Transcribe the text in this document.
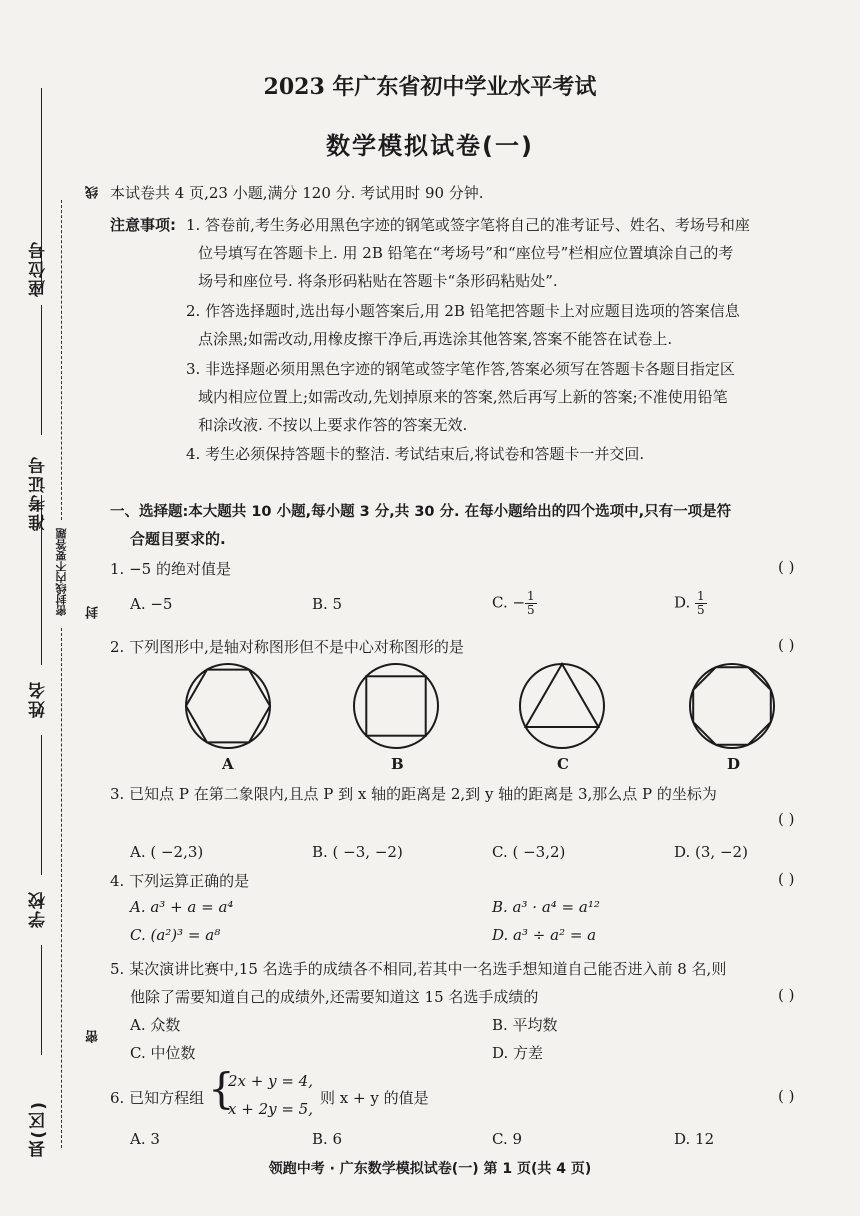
座位号
准考证号
姓名
学校
县(区)
密封线内不要答题
线
封
密
2023 年广东省初中学业水平考试
数学模拟试卷(一)
本试卷共 4 页,23 小题,满分 120 分. 考试用时 90 分钟.
注意事项: 1. 答卷前,考生务必用黑色字迹的钢笔或签字笔将自己的准考证号、姓名、考场号和座
位号填写在答题卡上. 用 2B 铅笔在“考场号”和“座位号”栏相应位置填涂自己的考
场号和座位号. 将条形码粘贴在答题卡“条形码粘贴处”.
2. 作答选择题时,选出每小题答案后,用 2B 铅笔把答题卡上对应题目选项的答案信息
点涂黑;如需改动,用橡皮擦干净后,再选涂其他答案,答案不能答在试卷上.
3. 非选择题必须用黑色字迹的钢笔或签字笔作答,答案必须写在答题卡各题目指定区
域内相应位置上;如需改动,先划掉原来的答案,然后再写上新的答案;不准使用铅笔
和涂改液. 不按以上要求作答的答案无效.
4. 考生必须保持答题卡的整洁. 考试结束后,将试卷和答题卡一并交回.
一、选择题:本大题共 10 小题,每小题 3 分,共 30 分. 在每小题给出的四个选项中,只有一项是符
合题目要求的.
1. −5 的绝对值是	( )
A. −5	B. 5	C. − $\frac{1}{5}$	D. $\frac{1}{5}$
2. 下列图形中,是轴对称图形但不是中心对称图形的是	( )
A	B	C	D
3. 已知点 P 在第二象限内,且点 P 到 x 轴的距离是 2,到 y 轴的距离是 3,那么点 P 的坐标为
( )
A. ( −2,3)	B. ( −3, −2)	C. ( −3,2)	D. (3, −2)
4. 下列运算正确的是	( )
A. a³ + a = a⁴	B. a³ · a⁴ = a¹²
C. (a²)³ = a⁸	D. a³ ÷ a² = a
5. 某次演讲比赛中,15 名选手的成绩各不相同,若其中一名选手想知道自己能否进入前 8 名,则
他除了需要知道自己的成绩外,还需要知道这 15 名选手成绩的	( )
A. 众数	B. 平均数
C. 中位数	D. 方差
6. 已知方程组 {
2x + y = 4,
x + 2y = 5,
则 x + y 的值是	( )
A. 3	B. 6	C. 9	D. 12
领跑中考 · 广东数学模拟试卷(一) 第 1 页(共 4 页)
